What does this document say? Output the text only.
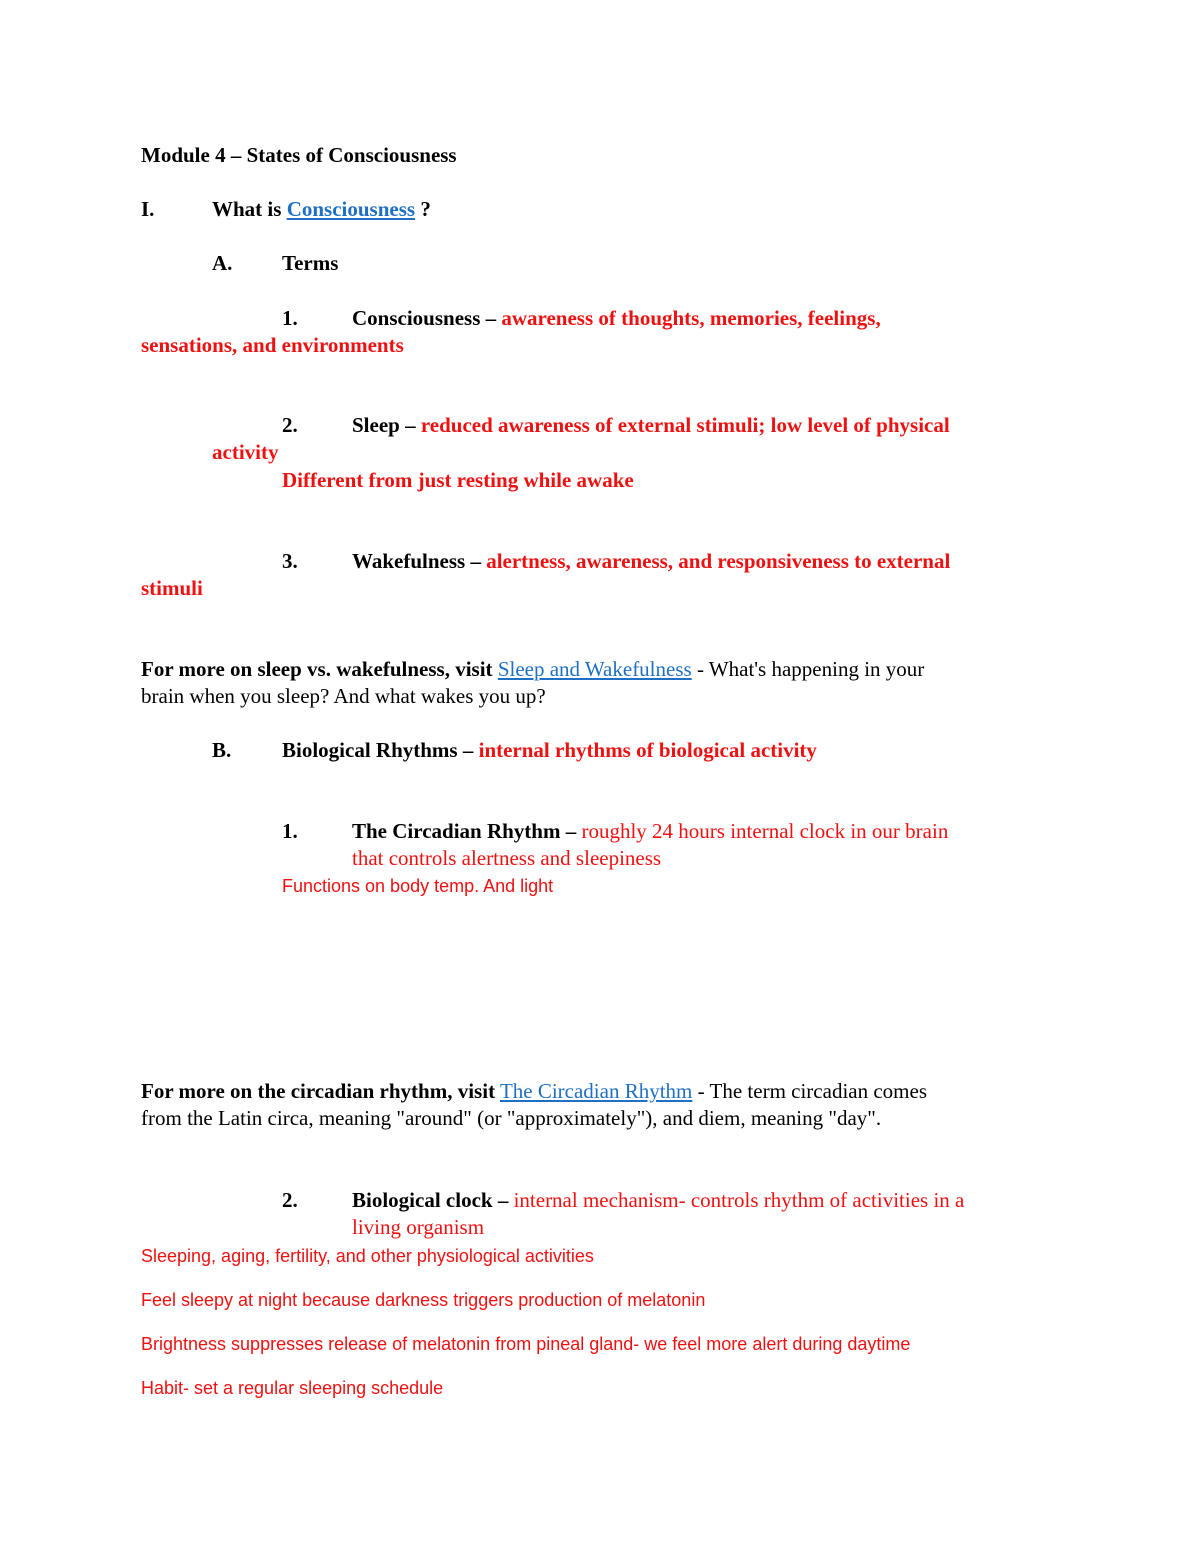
Module 4 – States of Consciousness
I.	What is Consciousness ?
A. Terms
1.	Consciousness – awareness of thoughts, memories, feelings,
sensations, and environments
2.	Sleep – reduced awareness of external stimuli; low level of physical
activity
Different from just resting while awake
3.	Wakefulness – alertness, awareness, and responsiveness to external
stimuli
For more on sleep vs. wakefulness, visit Sleep and Wakefulness - What's happening in your
brain when you sleep? And what wakes you up?
B. Biological Rhythms – internal rhythms of biological activity
1.	The Circadian Rhythm – roughly 24 hours internal clock in our brain
that controls alertness and sleepiness
Functions on body temp. And light
For more on the circadian rhythm, visit The Circadian Rhythm - The term circadian comes
from the Latin circa, meaning "around" (or "approximately"), and diem, meaning "day".
2.	Biological clock – internal mechanism- controls rhythm of activities in a
living organism
Sleeping, aging, fertility, and other physiological activities
Feel sleepy at night because darkness triggers production of melatonin
Brightness suppresses release of melatonin from pineal gland- we feel more alert during daytime
Habit- set a regular sleeping schedule
